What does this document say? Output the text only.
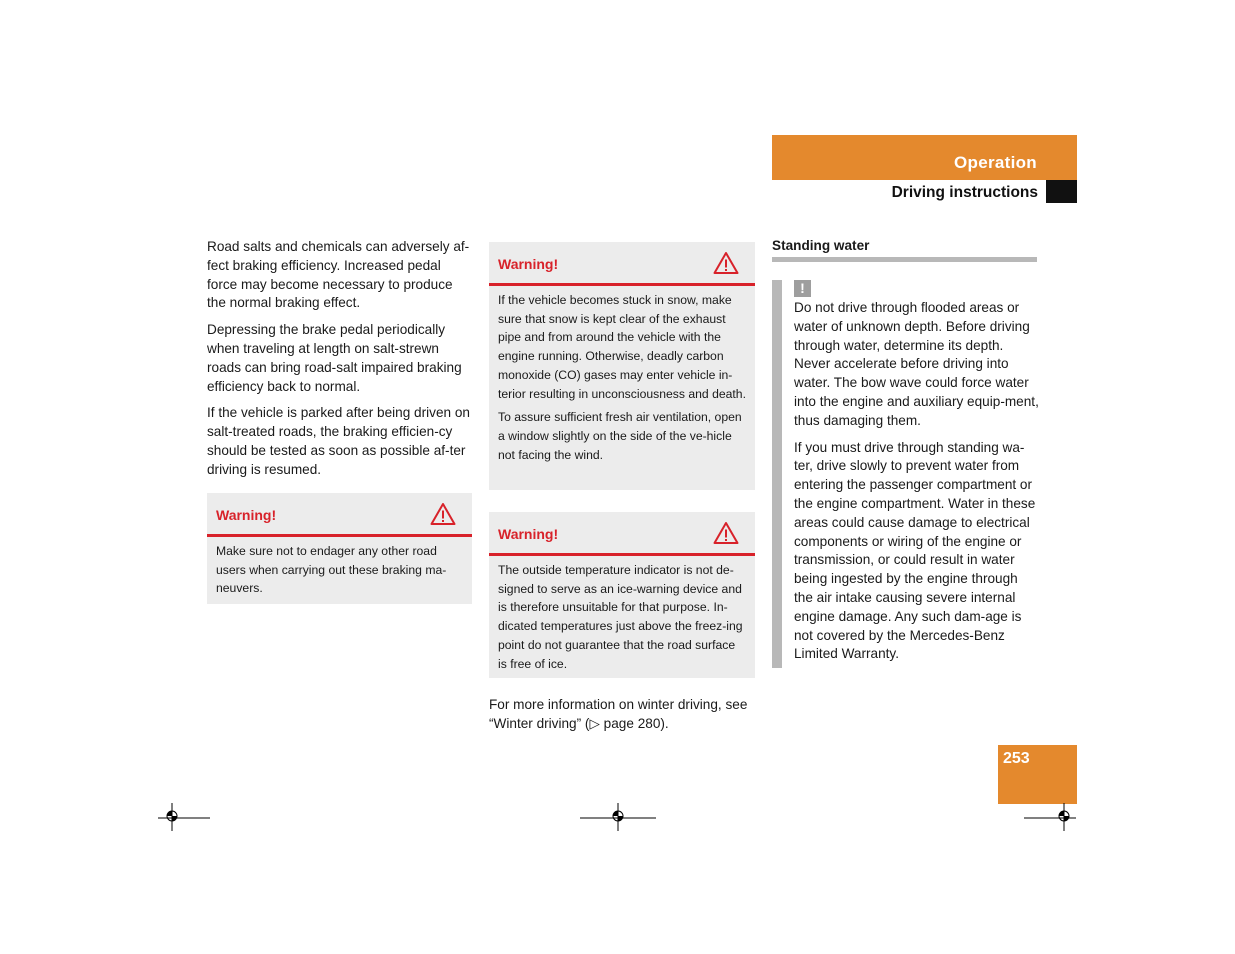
Operation
Driving instructions

Road salts and chemicals can adversely af-fect braking efficiency. Increased pedal force may become necessary to produce the normal braking effect.

Depressing the brake pedal periodically when traveling at length on salt-strewn roads can bring road-salt impaired braking efficiency back to normal.

If the vehicle is parked after being driven on salt-treated roads, the braking efficien-cy should be tested as soon as possible af-ter driving is resumed.

Warning!

Make sure not to endager any other road users when carrying out these braking ma-neuvers.

Warning!

If the vehicle becomes stuck in snow, make sure that snow is kept clear of the exhaust pipe and from around the vehicle with the engine running. Otherwise, deadly carbon monoxide (CO) gases may enter vehicle in-terior resulting in unconsciousness and death.

To assure sufficient fresh air ventilation, open a window slightly on the side of the ve-hicle not facing the wind.

Warning!

The outside temperature indicator is not de-signed to serve as an ice-warning device and is therefore unsuitable for that purpose. In-dicated temperatures just above the freez-ing point do not guarantee that the road surface is free of ice.

For more information on winter driving, see “Winter driving” (▷ page 280).
Standing water
!

Do not drive through flooded areas or water of unknown depth. Before driving through water, determine its depth. Never accelerate before driving into water. The bow wave could force water into the engine and auxiliary equip-ment, thus damaging them.

If you must drive through standing wa-ter, drive slowly to prevent water from entering the passenger compartment or the engine compartment. Water in these areas could cause damage to electrical components or wiring of the engine or transmission, or could result in water being ingested by the engine through the air intake causing severe internal engine damage. Any such dam-age is not covered by the Mercedes-Benz Limited Warranty.

253
